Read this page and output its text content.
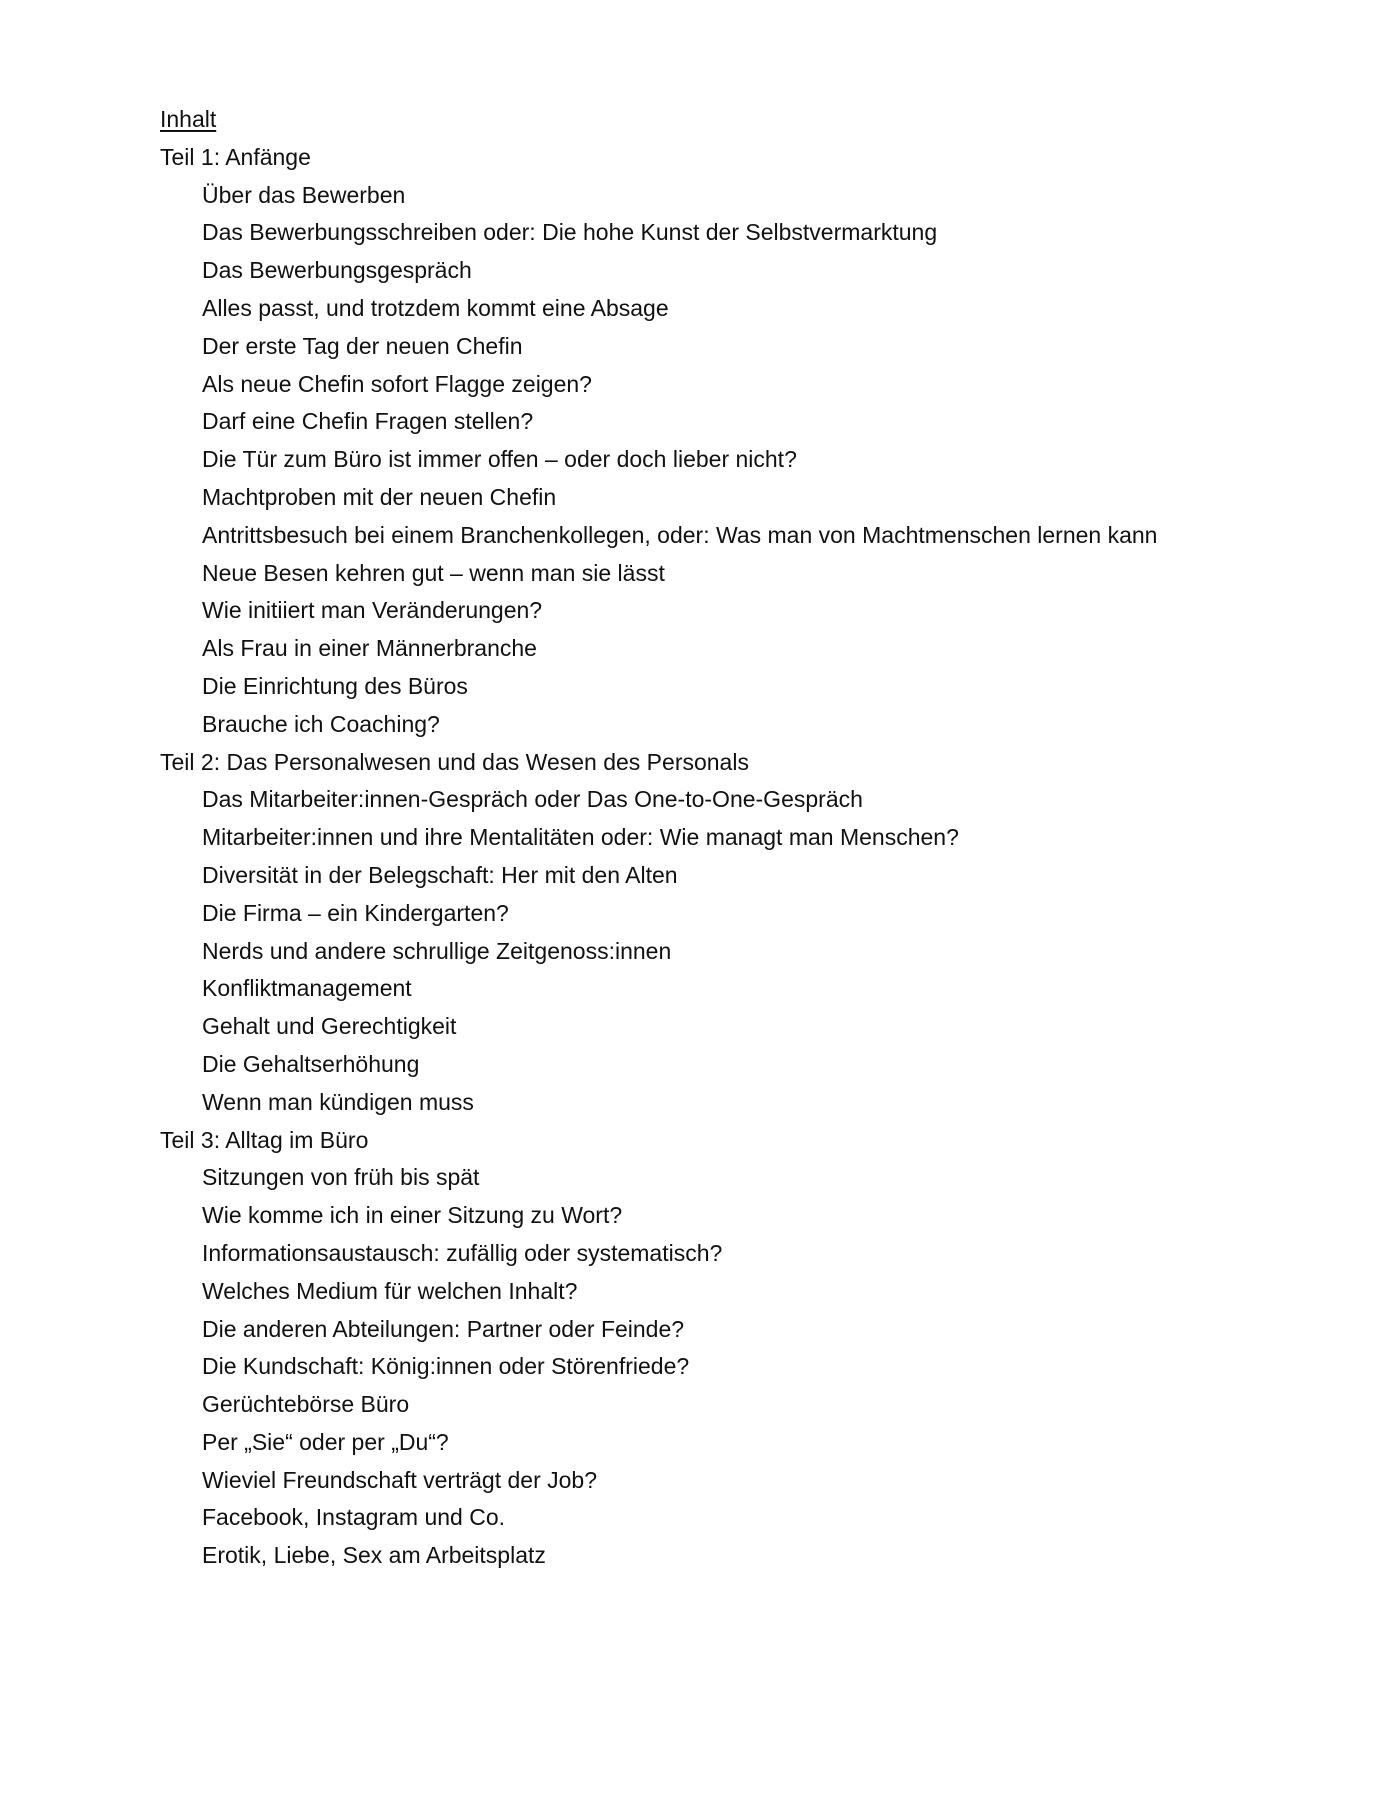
Inhalt
Teil 1: Anfänge
Über das Bewerben
Das Bewerbungsschreiben oder: Die hohe Kunst der Selbstvermarktung
Das Bewerbungsgespräch
Alles passt, und trotzdem kommt eine Absage
Der erste Tag der neuen Chefin
Als neue Chefin sofort Flagge zeigen?
Darf eine Chefin Fragen stellen?
Die Tür zum Büro ist immer offen – oder doch lieber nicht?
Machtproben mit der neuen Chefin
Antrittsbesuch bei einem Branchenkollegen, oder: Was man von Machtmenschen lernen kann
Neue Besen kehren gut – wenn man sie lässt
Wie initiiert man Veränderungen?
Als Frau in einer Männerbranche
Die Einrichtung des Büros
Brauche ich Coaching?
Teil 2: Das Personalwesen und das Wesen des Personals
Das Mitarbeiter:innen-Gespräch oder Das One-to-One-Gespräch
Mitarbeiter:innen und ihre Mentalitäten oder: Wie managt man Menschen?
Diversität in der Belegschaft: Her mit den Alten
Die Firma – ein Kindergarten?
Nerds und andere schrullige Zeitgenoss:innen
Konfliktmanagement
Gehalt und Gerechtigkeit
Die Gehaltserhöhung
Wenn man kündigen muss
Teil 3: Alltag im Büro
Sitzungen von früh bis spät
Wie komme ich in einer Sitzung zu Wort?
Informationsaustausch: zufällig oder systematisch?
Welches Medium für welchen Inhalt?
Die anderen Abteilungen: Partner oder Feinde?
Die Kundschaft: König:innen oder Störenfriede?
Gerüchtebörse Büro
Per „Sie“ oder per „Du“?
Wieviel Freundschaft verträgt der Job?
Facebook, Instagram und Co.
Erotik, Liebe, Sex am Arbeitsplatz
